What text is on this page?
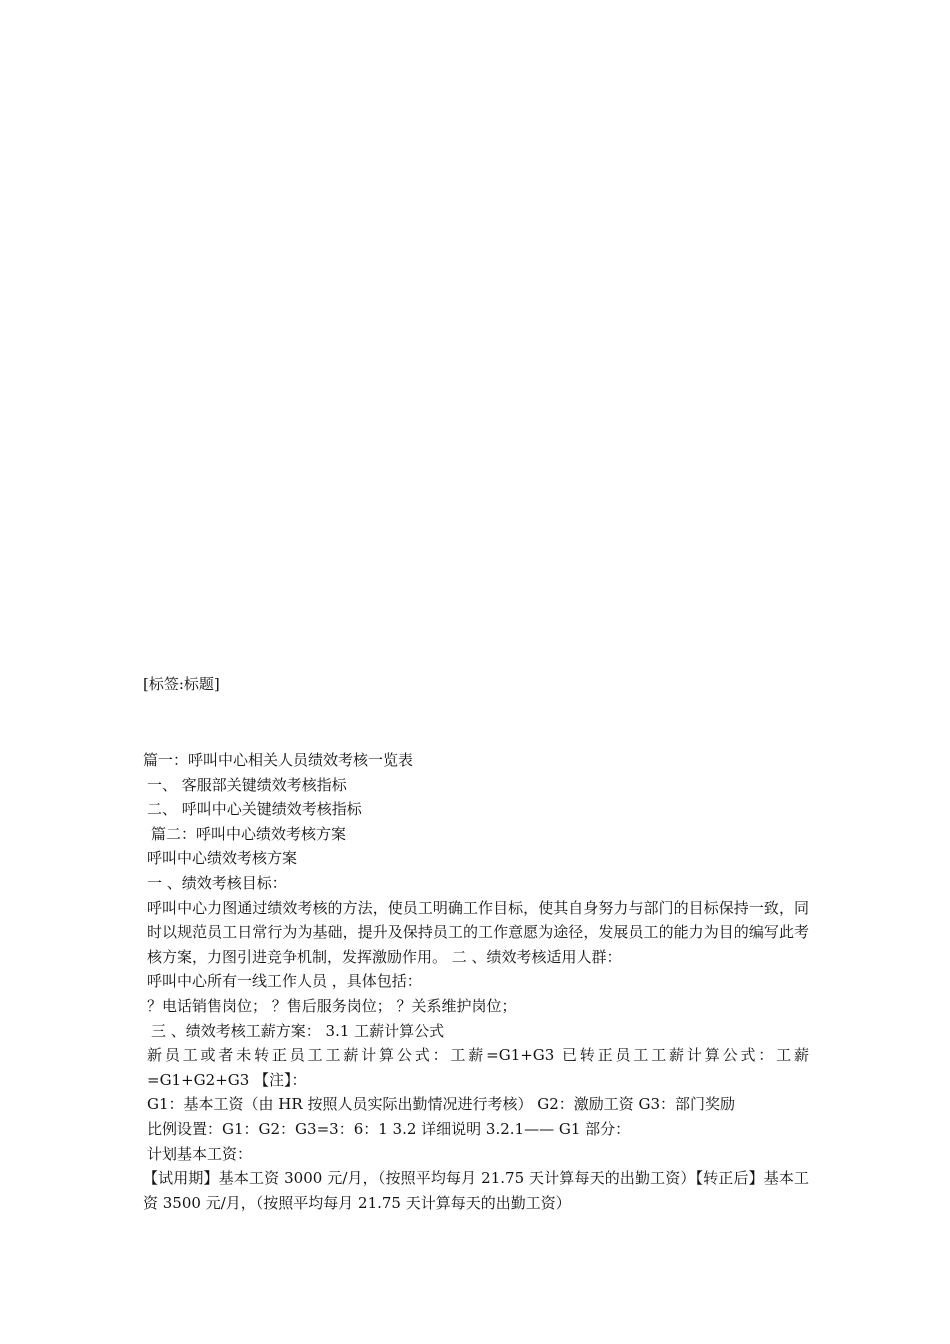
[标签:标题]
篇一：呼叫中心相关人员绩效考核一览表
一、 客服部关键绩效考核指标
二、 呼叫中心关键绩效考核指标
篇二：呼叫中心绩效考核方案
呼叫中心绩效考核方案
一 、绩效考核目标：
呼叫中心力图通过绩效考核的方法，使员工明确工作目标，使其自身努力与部门的目标保持一致，同时以规范员工日常行为为基础，提升及保持员工的工作意愿为途径，发展员工的能力为目的编写此考核方案，力图引进竞争机制，发挥激励作用。 二 、绩效考核适用人群：
呼叫中心所有一线工作人员 ，具体包括：
？电话销售岗位； ？售后服务岗位； ？关系维护岗位；
三 、绩效考核工薪方案： 3.1 工薪计算公式
新员工或者未转正员工工薪计算公式：工薪=G1+G3 已转正员工工薪计算公式：工薪=G1+G2+G3 【注】：
G1：基本工资（由 HR 按照人员实际出勤情况进行考核） G2：激励工资 G3：部门奖励
比例设置：G1：G2：G3=3：6：1 3.2 详细说明 3.2.1—— G1 部分：
计划基本工资：
【试用期】基本工资 3000 元/月，（按照平均每月 21.75 天计算每天的出勤工资）【转正后】基本工资 3500 元/月，（按照平均每月 21.75 天计算每天的出勤工资）
